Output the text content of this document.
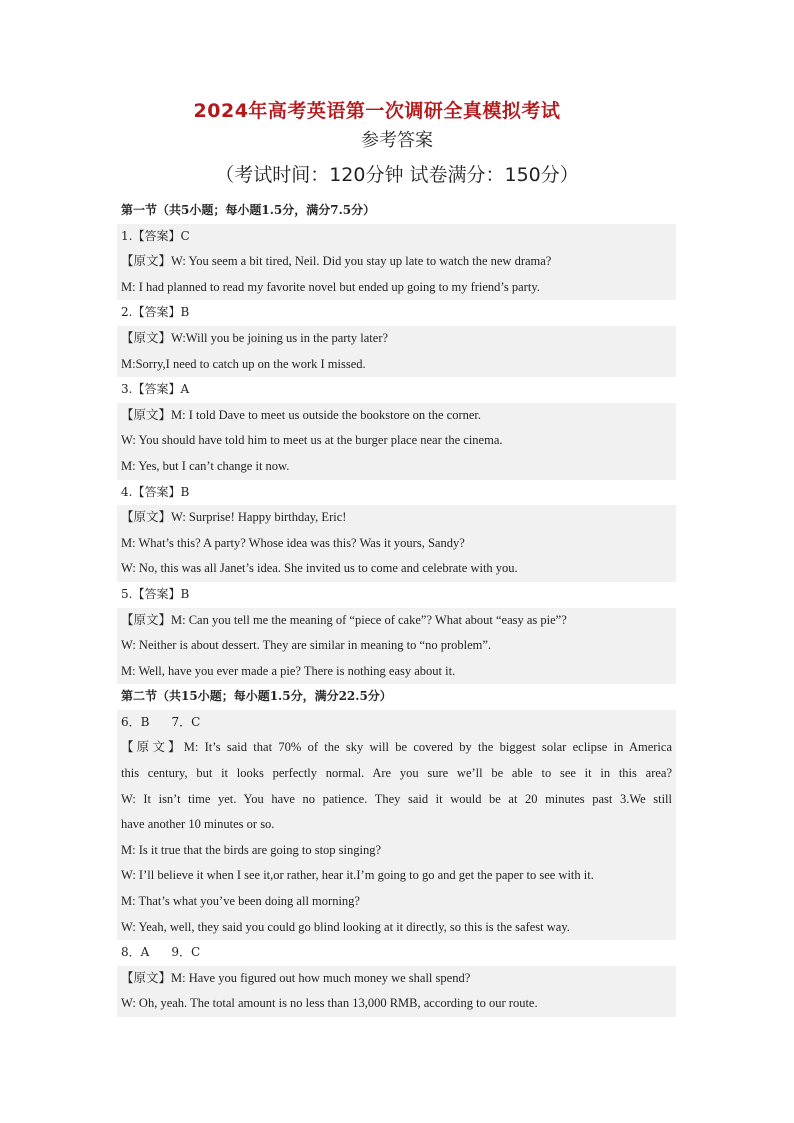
2024年高考英语第一次调研全真模拟考试
参考答案
（考试时间：120分钟 试卷满分：150分）
第一节（共5小题；每小题1.5分，满分7.5分）
1.【答案】C
【原文】W: You seem a bit tired, Neil. Did you stay up late to watch the new drama?
M: I had planned to read my favorite novel but ended up going to my friend’s party.
2.【答案】B
【原文】W:Will you be joining us in the party later?
M:Sorry,I need to catch up on the work I missed.
3.【答案】A
【原文】M: I told Dave to meet us outside the bookstore on the corner.
W: You should have told him to meet us at the burger place near the cinema.
M: Yes, but I can’t change it now.
4.【答案】B
【原文】W: Surprise! Happy birthday, Eric!
M: What’s this? A party? Whose idea was this? Was it yours, Sandy?
W: No, this was all Janet’s idea. She invited us to come and celebrate with you.
5.【答案】B
【原文】M: Can you tell me the meaning of “piece of cake”? What about “easy as pie”?
W: Neither is about dessert. They are similar in meaning to “no problem”.
M: Well, have you ever made a pie? There is nothing easy about it.
第二节（共15小题；每小题1.5分，满分22.5分）
6．B 7．C
【原文】M: It’s said that 70% of the sky will be covered by the biggest solar eclipse in America
this century, but it looks perfectly normal. Are you sure we’ll be able to see it in this area?
W: It isn’t time yet. You have no patience. They said it would be at 20 minutes past 3.We still
have another 10 minutes or so.
M: Is it true that the birds are going to stop singing?
W: I’ll believe it when I see it,or rather, hear it.I’m going to go and get the paper to see with it.
M: That’s what you’ve been doing all morning?
W: Yeah, well, they said you could go blind looking at it directly, so this is the safest way.
8．A 9．C
【原文】M: Have you figured out how much money we shall spend?
W: Oh, yeah. The total amount is no less than 13,000 RMB, according to our route.
